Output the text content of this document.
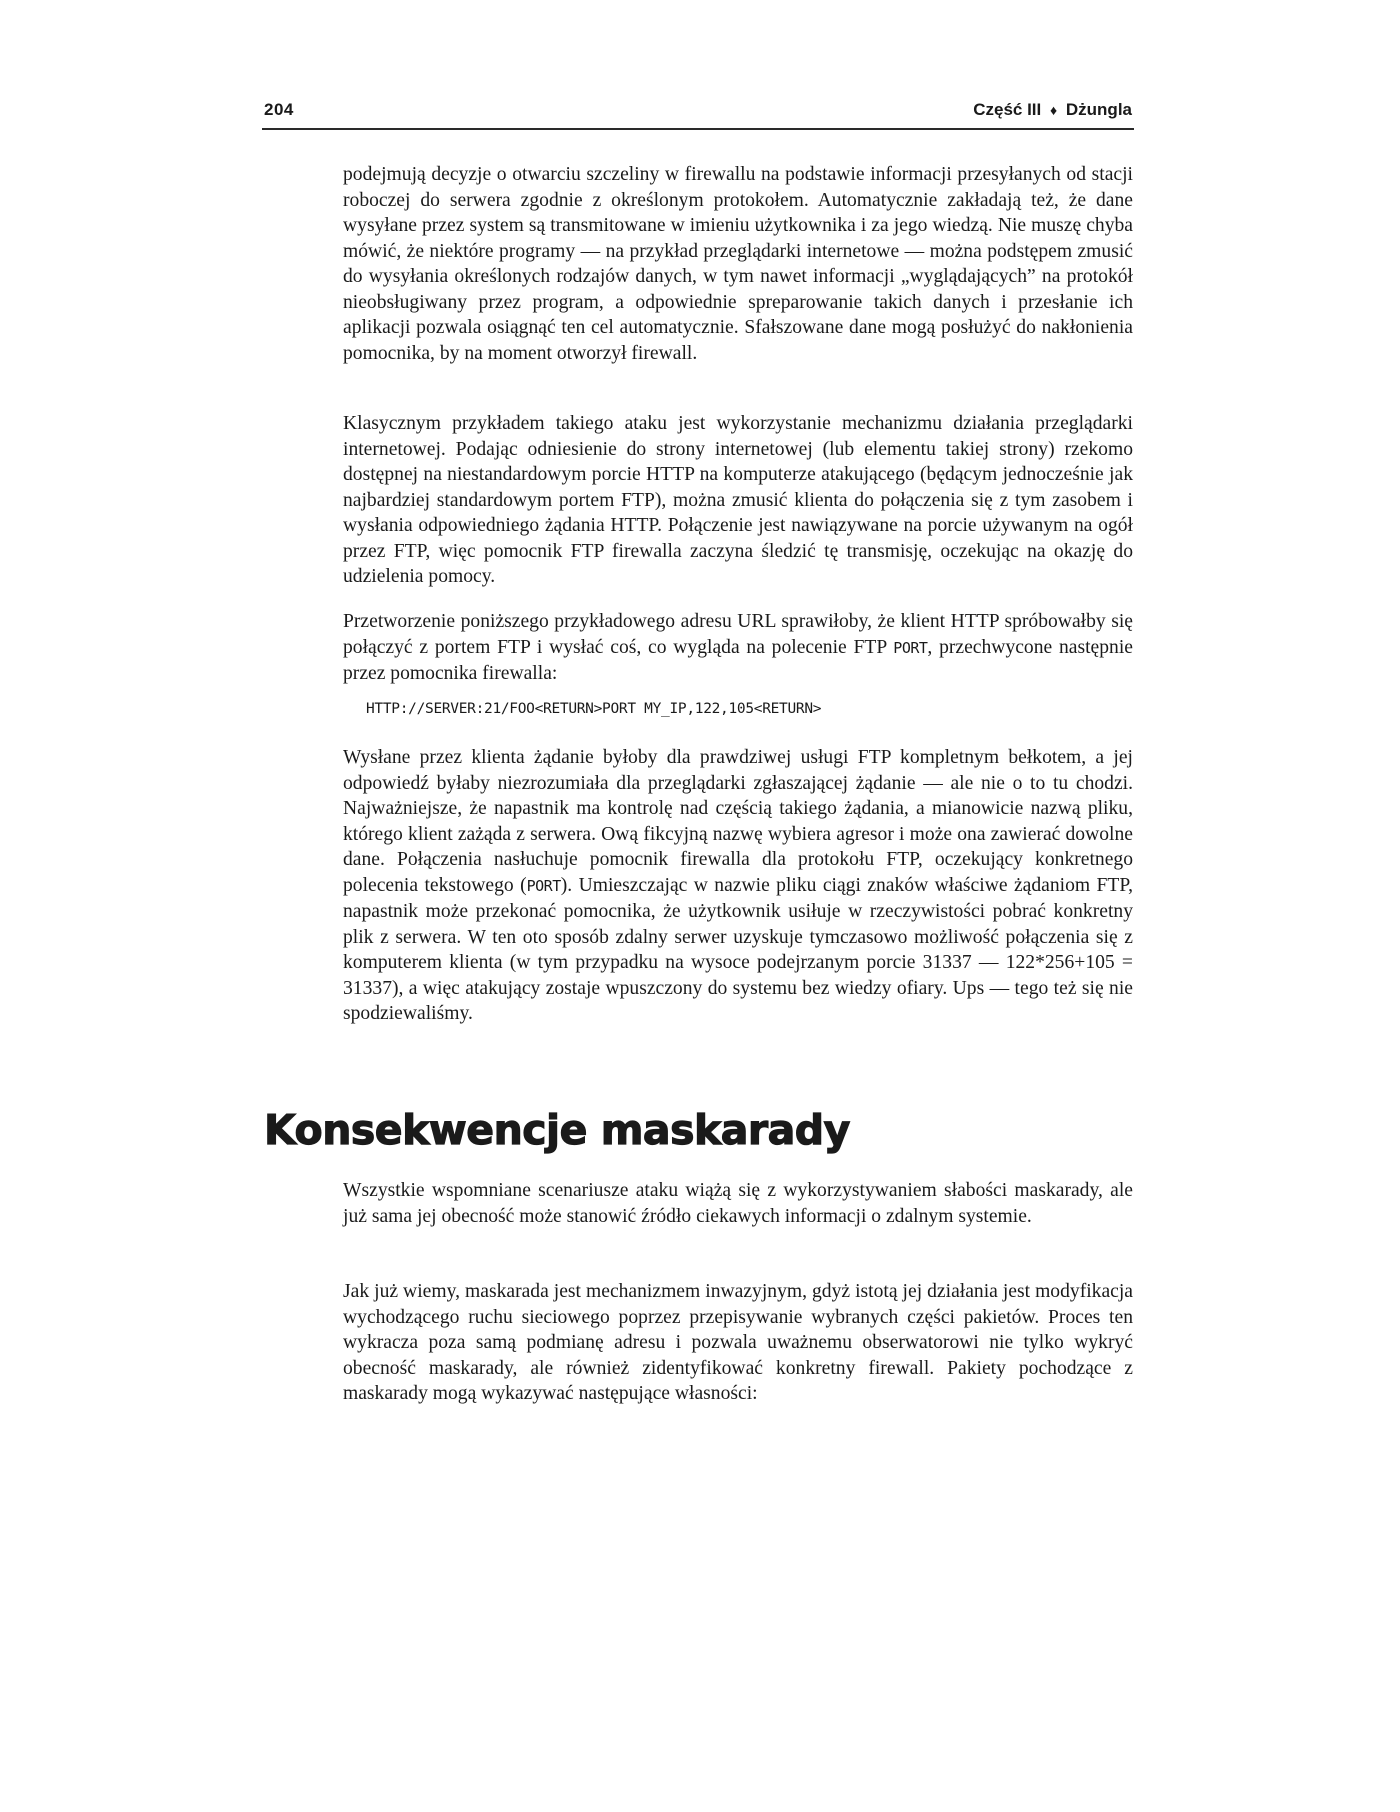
204	Część III ♦ Dżungla

podejmują decyzje o otwarciu szczeliny w firewallu na podstawie informacji przesyłanych od stacji roboczej do serwera zgodnie z określonym protokołem. Automatycznie zakładają też, że dane wysyłane przez system są transmitowane w imieniu użytkownika i za jego wiedzą. Nie muszę chyba mówić, że niektóre programy — na przykład przeglądarki internetowe — można podstępem zmusić do wysyłania określonych rodzajów danych, w tym nawet informacji „wyglądających” na protokół nieobsługiwany przez program, a odpowiednie spreparowanie takich danych i przesłanie ich aplikacji pozwala osiągnąć ten cel automatycznie. Sfałszowane dane mogą posłużyć do nakłonienia pomocnika, by na moment otworzył firewall.

Klasycznym przykładem takiego ataku jest wykorzystanie mechanizmu działania przeglądarki internetowej. Podając odniesienie do strony internetowej (lub elementu takiej strony) rzekomo dostępnej na niestandardowym porcie HTTP na komputerze atakującego (będącym jednocześnie jak najbardziej standardowym portem FTP), można zmusić klienta do połączenia się z tym zasobem i wysłania odpowiedniego żądania HTTP. Połączenie jest nawiązywane na porcie używanym na ogół przez FTP, więc pomocnik FTP firewalla zaczyna śledzić tę transmisję, oczekując na okazję do udzielenia pomocy.

Przetworzenie poniższego przykładowego adresu URL sprawiłoby, że klient HTTP spróbowałby się połączyć z portem FTP i wysłać coś, co wygląda na polecenie FTP PORT, przechwycone następnie przez pomocnika firewalla:

HTTP://SERVER:21/FOO<RETURN>PORT MY_IP,122,105<RETURN>

Wysłane przez klienta żądanie byłoby dla prawdziwej usługi FTP kompletnym bełkotem, a jej odpowiedź byłaby niezrozumiała dla przeglądarki zgłaszającej żądanie — ale nie o to tu chodzi. Najważniejsze, że napastnik ma kontrolę nad częścią takiego żądania, a mianowicie nazwą pliku, którego klient zażąda z serwera. Ową fikcyjną nazwę wybiera agresor i może ona zawierać dowolne dane. Połączenia nasłuchuje pomocnik firewalla dla protokołu FTP, oczekujący konkretnego polecenia tekstowego (PORT). Umieszczając w nazwie pliku ciągi znaków właściwe żądaniom FTP, napastnik może przekonać pomocnika, że użytkownik usiłuje w rzeczywistości pobrać konkretny plik z serwera. W ten oto sposób zdalny serwer uzyskuje tymczasowo możliwość połączenia się z komputerem klienta (w tym przypadku na wysoce podejrzanym porcie 31337 — 122*256+105 = 31337), a więc atakujący zostaje wpuszczony do systemu bez wiedzy ofiary. Ups — tego też się nie spodziewaliśmy.

Konsekwencje maskarady

Wszystkie wspomniane scenariusze ataku wiążą się z wykorzystywaniem słabości maskarady, ale już sama jej obecność może stanowić źródło ciekawych informacji o zdalnym systemie.

Jak już wiemy, maskarada jest mechanizmem inwazyjnym, gdyż istotą jej działania jest modyfikacja wychodzącego ruchu sieciowego poprzez przepisywanie wybranych części pakietów. Proces ten wykracza poza samą podmianę adresu i pozwala uważnemu obserwatorowi nie tylko wykryć obecność maskarady, ale również zidentyfikować konkretny firewall. Pakiety pochodzące z maskarady mogą wykazywać następujące własności:
